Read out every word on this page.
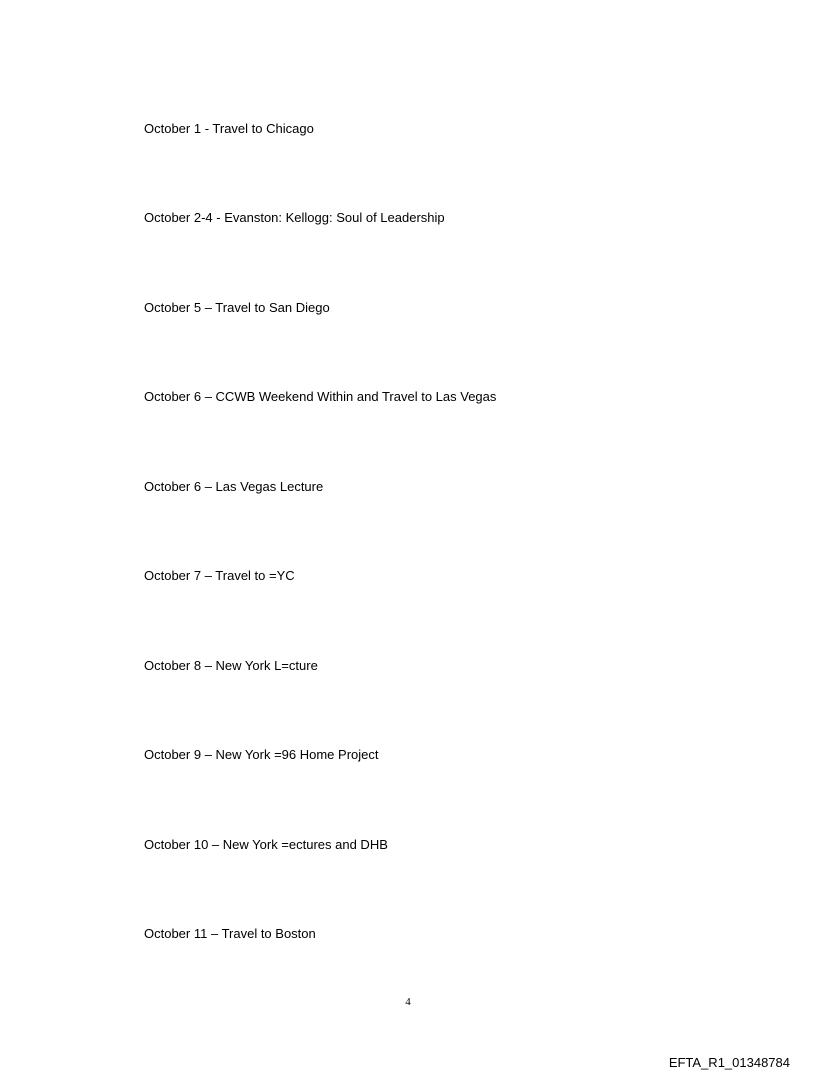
October 1 - Travel to Chicago
October 2-4 - Evanston: Kellogg: Soul of Leadership
October 5 – Travel to San Diego
October 6 – CCWB Weekend Within and Travel to Las Vegas
October 6 – Las Vegas Lecture
October 7 – Travel to =YC
October 8 – New York L=cture
October 9 – New York =96 Home Project
October 10 – New York =ectures and DHB
October 11 – Travel to Boston
4
EFTA_R1_01348784
